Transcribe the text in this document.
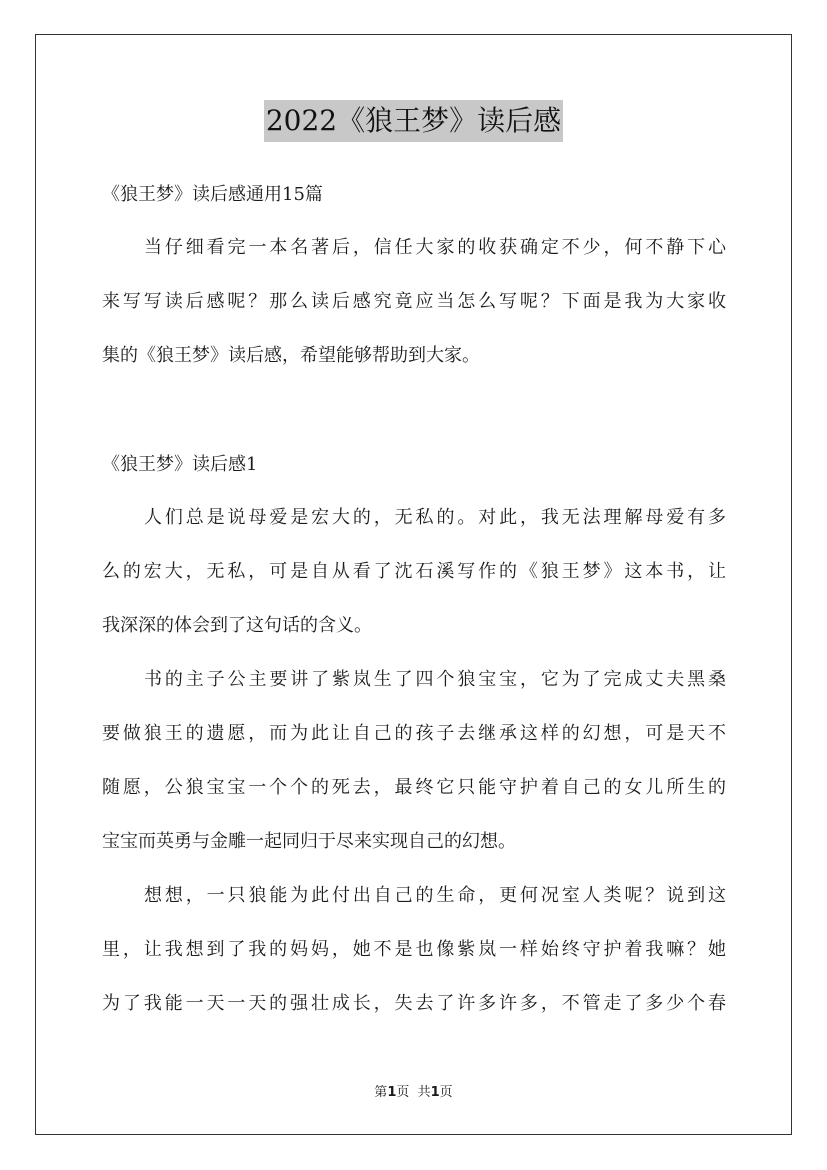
2022《狼王梦》读后感
《狼王梦》读后感通用15篇
当仔细看完一本名著后，信任大家的收获确定不少，何不静下心
来写写读后感呢？那么读后感究竟应当怎么写呢？下面是我为大家收
集的《狼王梦》读后感，希望能够帮助到大家。
《狼王梦》读后感1
人们总是说母爱是宏大的，无私的。对此，我无法理解母爱有多
么的宏大，无私，可是自从看了沈石溪写作的《狼王梦》这本书，让
我深深的体会到了这句话的含义。
书的主子公主要讲了紫岚生了四个狼宝宝，它为了完成丈夫黑桑
要做狼王的遗愿，而为此让自己的孩子去继承这样的幻想，可是天不
随愿，公狼宝宝一个个的死去，最终它只能守护着自己的女儿所生的
宝宝而英勇与金雕一起同归于尽来实现自己的幻想。
想想，一只狼能为此付出自己的生命，更何况室人类呢？说到这
里，让我想到了我的妈妈，她不是也像紫岚一样始终守护着我嘛？她
为了我能一天一天的强壮成长，失去了许多许多，不管走了多少个春
第1页  共1页
